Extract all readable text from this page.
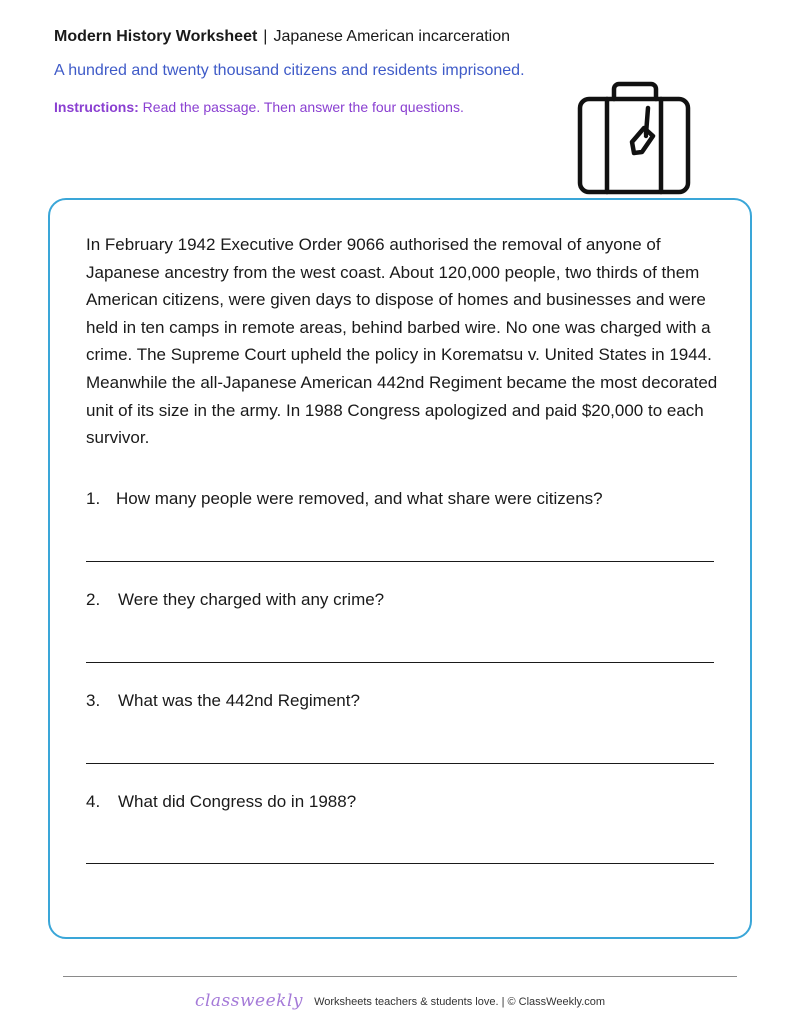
Modern History Worksheet | Japanese American incarceration
A hundred and twenty thousand citizens and residents imprisoned.
Instructions: Read the passage. Then answer the four questions.
In February 1942 Executive Order 9066 authorised the removal of anyone of Japanese ancestry from the west coast. About 120,000 people, two thirds of them American citizens, were given days to dispose of homes and businesses and were held in ten camps in remote areas, behind barbed wire. No one was charged with a crime. The Supreme Court upheld the policy in Korematsu v. United States in 1944. Meanwhile the all-Japanese American 442nd Regiment became the most decorated unit of its size in the army. In 1988 Congress apologized and paid $20,000 to each survivor.
1. How many people were removed, and what share were citizens?
2. Were they charged with any crime?
3. What was the 442nd Regiment?
4. What did Congress do in 1988?
classweekly Worksheets teachers & students love. | © ClassWeekly.com
